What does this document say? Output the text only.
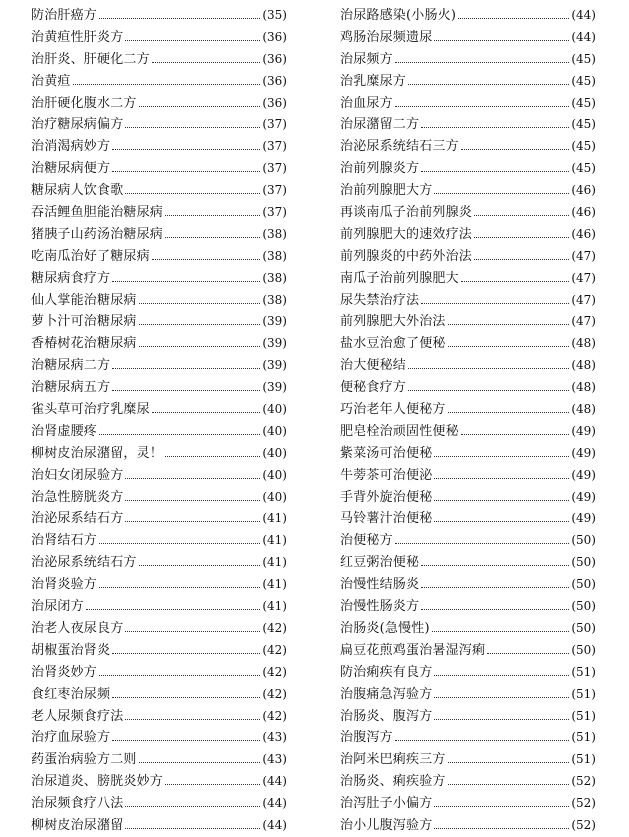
防治肝癌方	(35)
治黄疸性肝炎方	(36)
治肝炎、肝硬化二方	(36)
治黄疸	(36)
治肝硬化腹水二方	(36)
治疗糖尿病偏方	(37)
治消渴病妙方	(37)
治糖尿病便方	(37)
糖尿病人饮食歌	(37)
吞活鲤鱼胆能治糖尿病	(37)
猪胰子山药汤治糖尿病	(38)
吃南瓜治好了糖尿病	(38)
糖尿病食疗方	(38)
仙人掌能治糖尿病	(38)
萝卜汁可治糖尿病	(39)
香椿树花治糖尿病	(39)
治糖尿病二方	(39)
治糖尿病五方	(39)
雀头草可治疗乳糜尿	(40)
治肾虚腰疼	(40)
柳树皮治尿潴留，灵！	(40)
治妇女闭尿验方	(40)
治急性膀胱炎方	(40)
治泌尿系结石方	(41)
治肾结石方	(41)
治泌尿系统结石方	(41)
治肾炎验方	(41)
治尿闭方	(41)
治老人夜尿良方	(42)
胡椒蛋治肾炎	(42)
治肾炎妙方	(42)
食红枣治尿频	(42)
老人尿频食疗法	(42)
治疗血尿验方	(43)
药蛋治病验方二则	(43)
治尿道炎、膀胱炎妙方	(44)
治尿频食疗八法	(44)
柳树皮治尿潴留	(44)
治尿路感染(小肠火)	(44)
鸡肠治尿频遗尿	(44)
治尿频方	(45)
治乳糜尿方	(45)
治血尿方	(45)
治尿潴留二方	(45)
治泌尿系统结石三方	(45)
治前列腺炎方	(45)
治前列腺肥大方	(46)
再谈南瓜子治前列腺炎	(46)
前列腺肥大的速效疗法	(46)
前列腺炎的中药外治法	(47)
南瓜子治前列腺肥大	(47)
尿失禁治疗法	(47)
前列腺肥大外治法	(47)
盐水豆治愈了便秘	(48)
治大便秘结	(48)
便秘食疗方	(48)
巧治老年人便秘方	(48)
肥皂栓治顽固性便秘	(49)
紫菜汤可治便秘	(49)
牛蒡茶可治便泌	(49)
手背外旋治便秘	(49)
马铃薯汁治便秘	(49)
治便秘方	(50)
红豆粥治便秘	(50)
治慢性结肠炎	(50)
治慢性肠炎方	(50)
治肠炎(急慢性)	(50)
扁豆花煎鸡蛋治暑湿泻痢	(50)
防治痢疾有良方	(51)
治腹痛急泻验方	(51)
治肠炎、腹泻方	(51)
治腹泻方	(51)
治阿米巴痢疾三方	(51)
治肠炎、痢疾验方	(52)
治泻肚子小偏方	(52)
治小儿腹泻验方	(52)
